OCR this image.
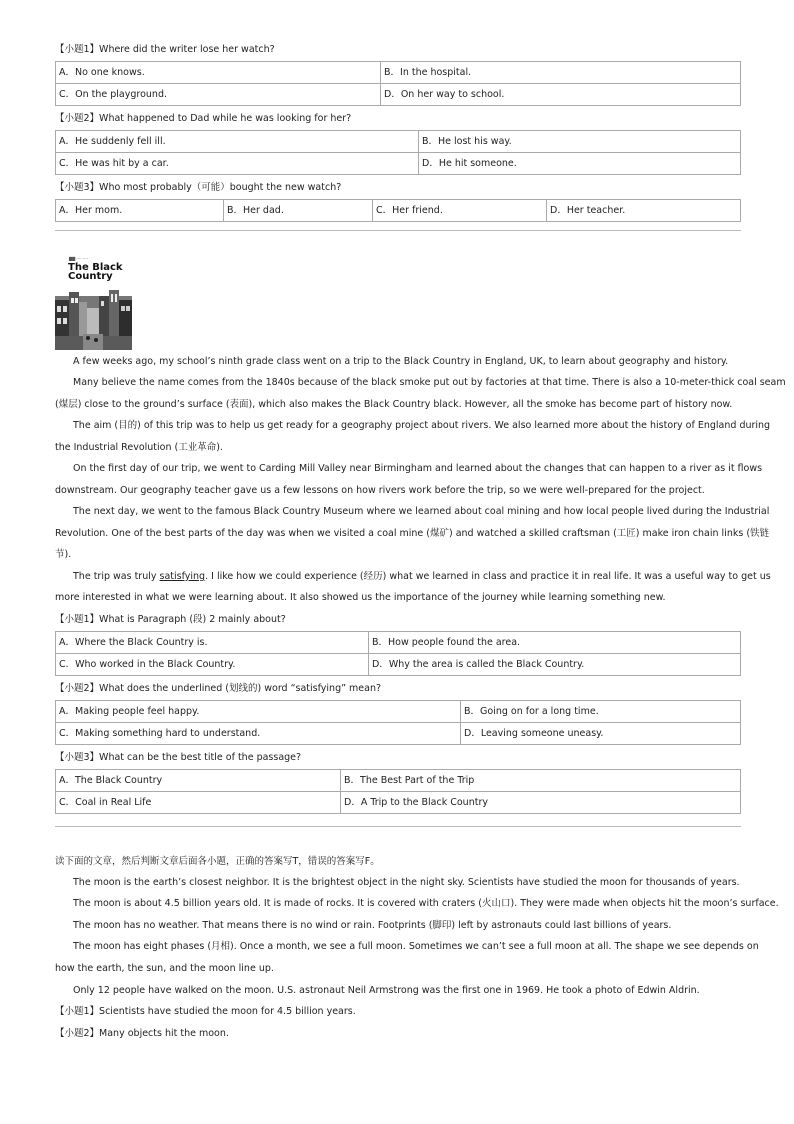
【小题1】Where did the writer lose her watch?
A．No one knows.	B．In the hospital.
C．On the playground.	D．On her way to school.
【小题2】What happened to Dad while he was looking for her?
A．He suddenly fell ill.	B．He lost his way.
C．He was hit by a car.	D．He hit someone.
【小题3】Who most probably（可能）bought the new watch?
A．Her mom.	B．Her dad.	C．Her friend.	D．Her teacher.
▇▇ ···· ····
The Black
Country
A few weeks ago, my school’s ninth grade class went on a trip to the Black Country in England, UK, to learn about geography and history.
Many believe the name comes from the 1840s because of the black smoke put out by factories at that time. There is also a 10-meter-thick coal seam
(煤层) close to the ground’s surface (表面), which also makes the Black Country black. However, all the smoke has become part of history now.
The aim (目的) of this trip was to help us get ready for a geography project about rivers. We also learned more about the history of England during
the Industrial Revolution (工业革命).
On the first day of our trip, we went to Carding Mill Valley near Birmingham and learned about the changes that can happen to a river as it flows
downstream. Our geography teacher gave us a few lessons on how rivers work before the trip, so we were well-prepared for the project.
The next day, we went to the famous Black Country Museum where we learned about coal mining and how local people lived during the Industrial
Revolution. One of the best parts of the day was when we visited a coal mine (煤矿) and watched a skilled craftsman (工匠) make iron chain links (铁链
节).
The trip was truly satisfying. I like how we could experience (经历) what we learned in class and practice it in real life. It was a useful way to get us
more interested in what we were learning about. It also showed us the importance of the journey while learning something new.
【小题1】What is Paragraph (段) 2 mainly about?
A．Where the Black Country is.	B．How people found the area.
C．Who worked in the Black Country.	D．Why the area is called the Black Country.
【小题2】What does the underlined (划线的) word “satisfying” mean?
A．Making people feel happy.	B．Going on for a long time.
C．Making something hard to understand.	D．Leaving someone uneasy.
【小题3】What can be the best title of the passage?
A．The Black Country	B．The Best Part of the Trip
C．Coal in Real Life	D．A Trip to the Black Country
读下面的文章，然后判断文章后面各小题，正确的答案写T，错误的答案写F。
The moon is the earth’s closest neighbor. It is the brightest object in the night sky. Scientists have studied the moon for thousands of years.
The moon is about 4.5 billion years old. It is made of rocks. It is covered with craters (火山口). They were made when objects hit the moon’s surface.
The moon has no weather. That means there is no wind or rain. Footprints (脚印) left by astronauts could last billions of years.
The moon has eight phases (月相). Once a month, we see a full moon. Sometimes we can’t see a full moon at all. The shape we see depends on
how the earth, the sun, and the moon line up.
Only 12 people have walked on the moon. U.S. astronaut Neil Armstrong was the first one in 1969. He took a photo of Edwin Aldrin.
【小题1】Scientists have studied the moon for 4.5 billion years.
【小题2】Many objects hit the moon.
